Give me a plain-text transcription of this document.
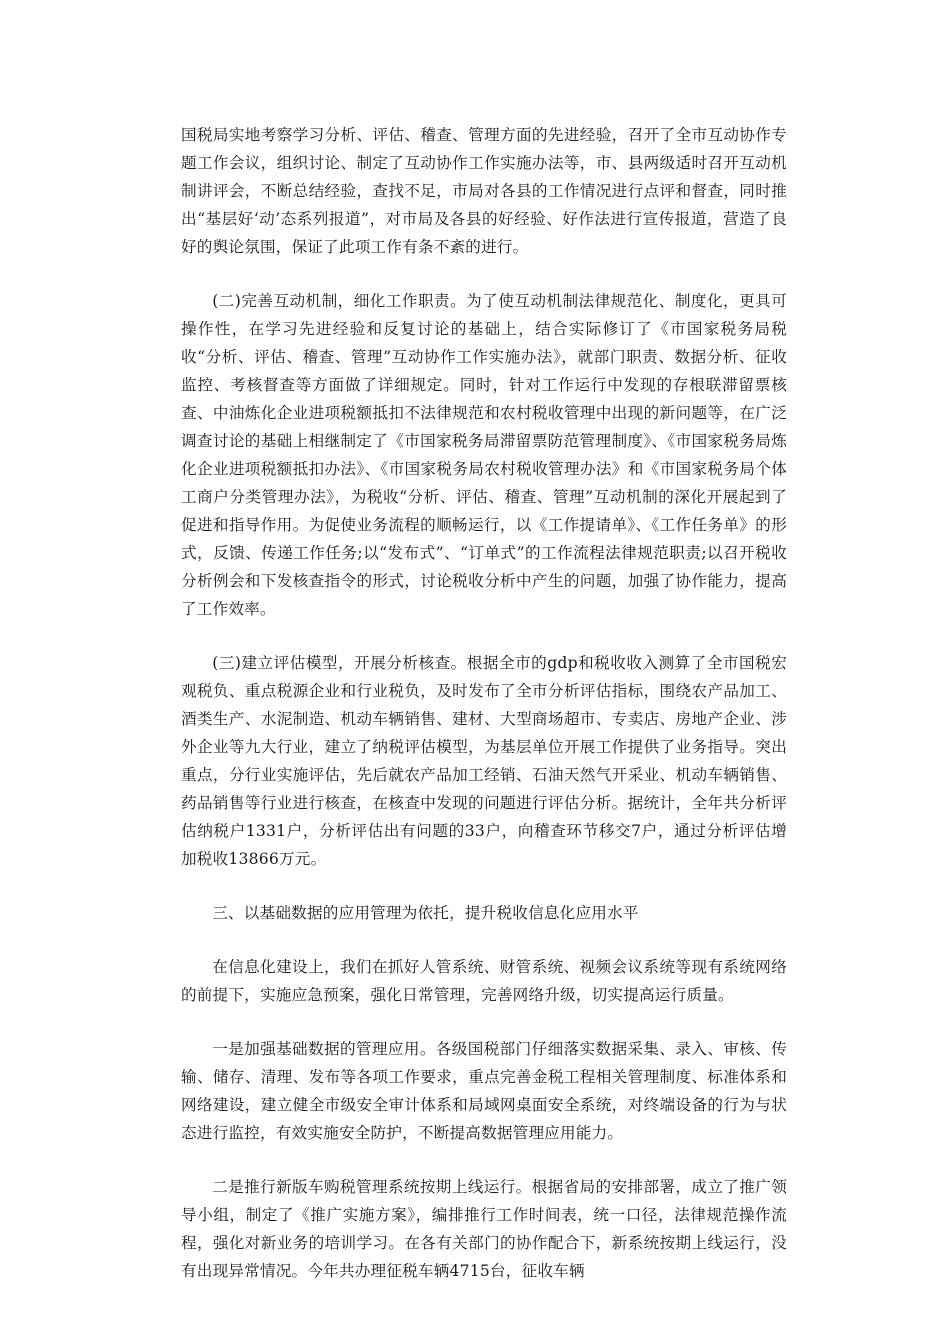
国税局实地考察学习分析、评估、稽查、管理方面的先进经验，召开了全市互动协作专题工作会议，组织讨论、制定了互动协作工作实施办法等，市、县两级适时召开互动机制讲评会，不断总结经验，查找不足，市局对各县的工作情况进行点评和督查，同时推出“基层好‘动’态系列报道”，对市局及各县的好经验、好作法进行宣传报道，营造了良好的舆论氛围，保证了此项工作有条不紊的进行。

(二)完善互动机制，细化工作职责。为了使互动机制法律规范化、制度化，更具可操作性，在学习先进经验和反复讨论的基础上，结合实际修订了《市国家税务局税收“分析、评估、稽查、管理”互动协作工作实施办法》，就部门职责、数据分析、征收监控、考核督查等方面做了详细规定。同时，针对工作运行中发现的存根联滞留票核查、中油炼化企业进项税额抵扣不法律规范和农村税收管理中出现的新问题等，在广泛调查讨论的基础上相继制定了《市国家税务局滞留票防范管理制度》、《市国家税务局炼化企业进项税额抵扣办法》、《市国家税务局农村税收管理办法》和《市国家税务局个体工商户分类管理办法》，为税收“分析、评估、稽查、管理”互动机制的深化开展起到了促进和指导作用。为促使业务流程的顺畅运行，以《工作提请单》、《工作任务单》的形式，反馈、传递工作任务;以“发布式”、“订单式”的工作流程法律规范职责;以召开税收分析例会和下发核查指令的形式，讨论税收分析中产生的问题，加强了协作能力，提高了工作效率。

(三)建立评估模型，开展分析核查。根据全市的gdp和税收收入测算了全市国税宏观税负、重点税源企业和行业税负，及时发布了全市分析评估指标，围绕农产品加工、酒类生产、水泥制造、机动车辆销售、建材、大型商场超市、专卖店、房地产企业、涉外企业等九大行业，建立了纳税评估模型，为基层单位开展工作提供了业务指导。突出重点，分行业实施评估，先后就农产品加工经销、石油天然气开采业、机动车辆销售、药品销售等行业进行核查，在核查中发现的问题进行评估分析。据统计，全年共分析评估纳税户1331户，分析评估出有问题的33户，向稽查环节移交7户，通过分析评估增加税收13866万元。

三、以基础数据的应用管理为依托，提升税收信息化应用水平

在信息化建设上，我们在抓好人管系统、财管系统、视频会议系统等现有系统网络的前提下，实施应急预案，强化日常管理，完善网络升级，切实提高运行质量。

一是加强基础数据的管理应用。各级国税部门仔细落实数据采集、录入、审核、传输、储存、清理、发布等各项工作要求，重点完善金税工程相关管理制度、标准体系和网络建设，建立健全市级安全审计体系和局域网桌面安全系统，对终端设备的行为与状态进行监控，有效实施安全防护，不断提高数据管理应用能力。

二是推行新版车购税管理系统按期上线运行。根据省局的安排部署，成立了推广领导小组，制定了《推广实施方案》，编排推行工作时间表，统一口径，法律规范操作流程，强化对新业务的培训学习。在各有关部门的协作配合下，新系统按期上线运行，没有出现异常情况。今年共办理征税车辆4715台，征收车辆
